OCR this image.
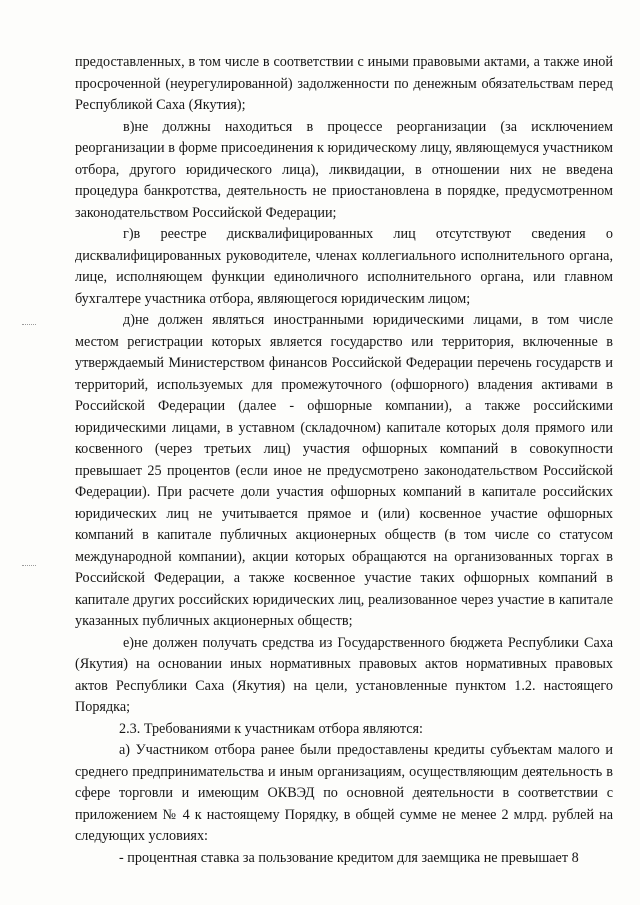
предоставленных, в том числе в соответствии с иными правовыми актами, а также иной просроченной (неурегулированной) задолженности по денежным обязательствам перед Республикой Саха (Якутия);

в)не должны находиться в процессе реорганизации (за исключением реорганизации в форме присоединения к юридическому лицу, являющемуся участником отбора, другого юридического лица), ликвидации, в отношении них не введена процедура банкротства, деятельность не приостановлена в порядке, предусмотренном законодательством Российской Федерации;

г)в реестре дисквалифицированных лиц отсутствуют сведения о дисквалифицированных руководителе, членах коллегиального исполнительного органа, лице, исполняющем функции единоличного исполнительного органа, или главном бухгалтере участника отбора, являющегося юридическим лицом;

д)не должен являться иностранными юридическими лицами, в том числе местом регистрации которых является государство или территория, включенные в утверждаемый Министерством финансов Российской Федерации перечень государств и территорий, используемых для промежуточного (офшорного) владения активами в Российской Федерации (далее - офшорные компании), а также российскими юридическими лицами, в уставном (складочном) капитале которых доля прямого или косвенного (через третьих лиц) участия офшорных компаний в совокупности превышает 25 процентов (если иное не предусмотрено законодательством Российской Федерации). При расчете доли участия офшорных компаний в капитале российских юридических лиц не учитывается прямое и (или) косвенное участие офшорных компаний в капитале публичных акционерных обществ (в том числе со статусом международной компании), акции которых обращаются на организованных торгах в Российской Федерации, а также косвенное участие таких офшорных компаний в капитале других российских юридических лиц, реализованное через участие в капитале указанных публичных акционерных обществ;

е)не должен получать средства из Государственного бюджета Республики Саха (Якутия) на основании иных нормативных правовых актов нормативных правовых актов Республики Саха (Якутия) на цели, установленные пунктом 1.2. настоящего Порядка;

2.3. Требованиями к участникам отбора являются:

а) Участником отбора ранее были предоставлены кредиты субъектам малого и среднего предпринимательства и иным организациям, осуществляющим деятельность в сфере торговли и имеющим ОКВЭД по основной деятельности в соответствии с приложением № 4 к настоящему Порядку, в общей сумме не менее 2 млрд. рублей на следующих условиях:

- процентная ставка за пользование кредитом для заемщика не превышает 8
